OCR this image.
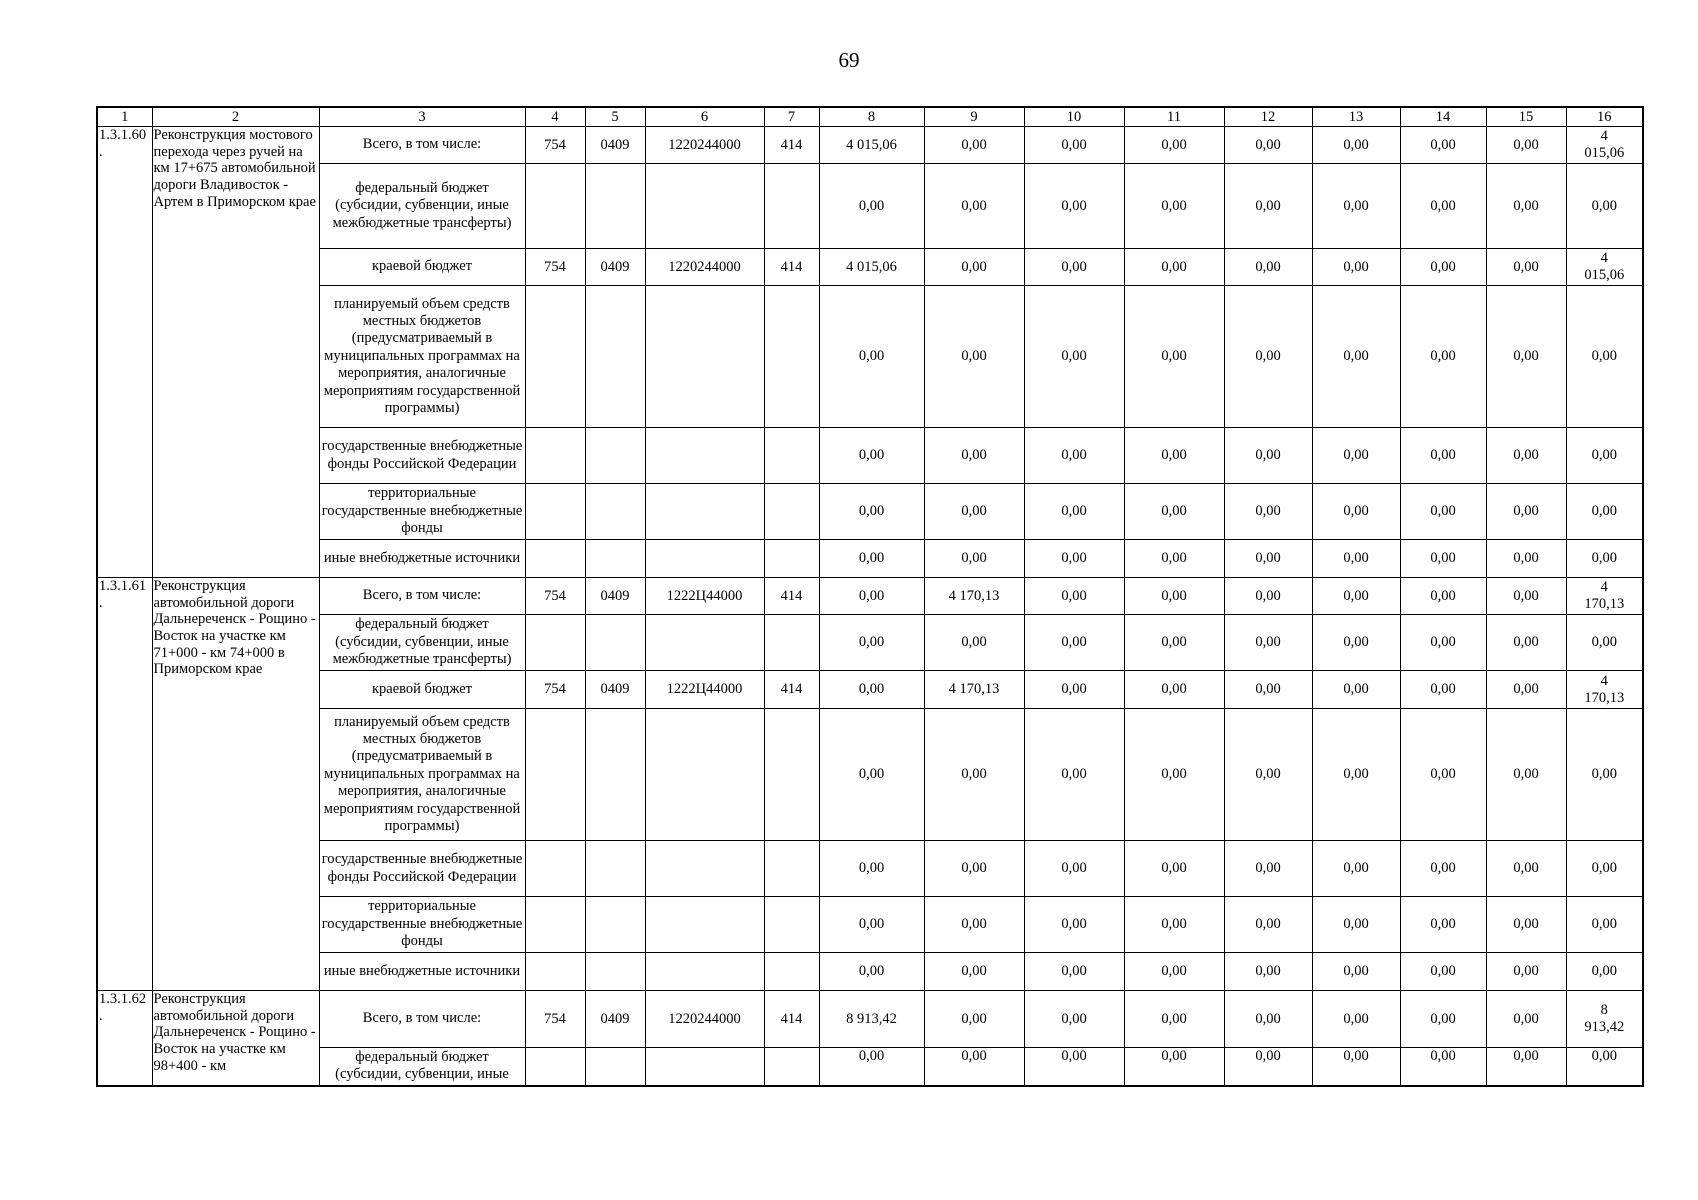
69
1	2	3	4	5	6	7	8	9	10	11	12	13	14	15	16
1.3.1.60
.	Реконструкция мостового перехода через ручей на км 17+675 автомобильной дороги Владивосток - Артем в Приморском крае	Всего, в том числе:	754	0409	1220244000	414	4 015,06	0,00	0,00	0,00	0,00	0,00	0,00	0,00	4
015,06
		федеральный бюджет (субсидии, субвенции, иные межбюджетные трансферты)					0,00	0,00	0,00	0,00	0,00	0,00	0,00	0,00	0,00
		краевой бюджет	754	0409	1220244000	414	4 015,06	0,00	0,00	0,00	0,00	0,00	0,00	0,00	4
015,06
		планируемый объем средств местных бюджетов (предусматриваемый в муниципальных программах на мероприятия, аналогичные мероприятиям государственной программы)					0,00	0,00	0,00	0,00	0,00	0,00	0,00	0,00	0,00
		государственные внебюджетные фонды Российской Федерации					0,00	0,00	0,00	0,00	0,00	0,00	0,00	0,00	0,00
		территориальные государственные внебюджетные фонды					0,00	0,00	0,00	0,00	0,00	0,00	0,00	0,00	0,00
		иные внебюджетные источники					0,00	0,00	0,00	0,00	0,00	0,00	0,00	0,00	0,00
1.3.1.61
.	Реконструкция автомобильной дороги Дальнереченск - Рощино - Восток на участке км 71+000 - км 74+000 в Приморском крае	Всего, в том числе:	754	0409	1222Ц44000	414	0,00	4 170,13	0,00	0,00	0,00	0,00	0,00	0,00	4
170,13
		федеральный бюджет (субсидии, субвенции, иные межбюджетные трансферты)					0,00	0,00	0,00	0,00	0,00	0,00	0,00	0,00	0,00
		краевой бюджет	754	0409	1222Ц44000	414	0,00	4 170,13	0,00	0,00	0,00	0,00	0,00	0,00	4
170,13
		планируемый объем средств местных бюджетов (предусматриваемый в муниципальных программах на мероприятия, аналогичные мероприятиям государственной программы)					0,00	0,00	0,00	0,00	0,00	0,00	0,00	0,00	0,00
		государственные внебюджетные фонды Российской Федерации					0,00	0,00	0,00	0,00	0,00	0,00	0,00	0,00	0,00
		территориальные государственные внебюджетные фонды					0,00	0,00	0,00	0,00	0,00	0,00	0,00	0,00	0,00
		иные внебюджетные источники					0,00	0,00	0,00	0,00	0,00	0,00	0,00	0,00	0,00
1.3.1.62
.	Реконструкция автомобильной дороги Дальнереченск - Рощино - Восток на участке км 98+400 - км	Всего, в том числе:	754	0409	1220244000	414	8 913,42	0,00	0,00	0,00	0,00	0,00	0,00	0,00	8
913,42
		федеральный бюджет (субсидии, субвенции, иные					0,00	0,00	0,00	0,00	0,00	0,00	0,00	0,00	0,00
